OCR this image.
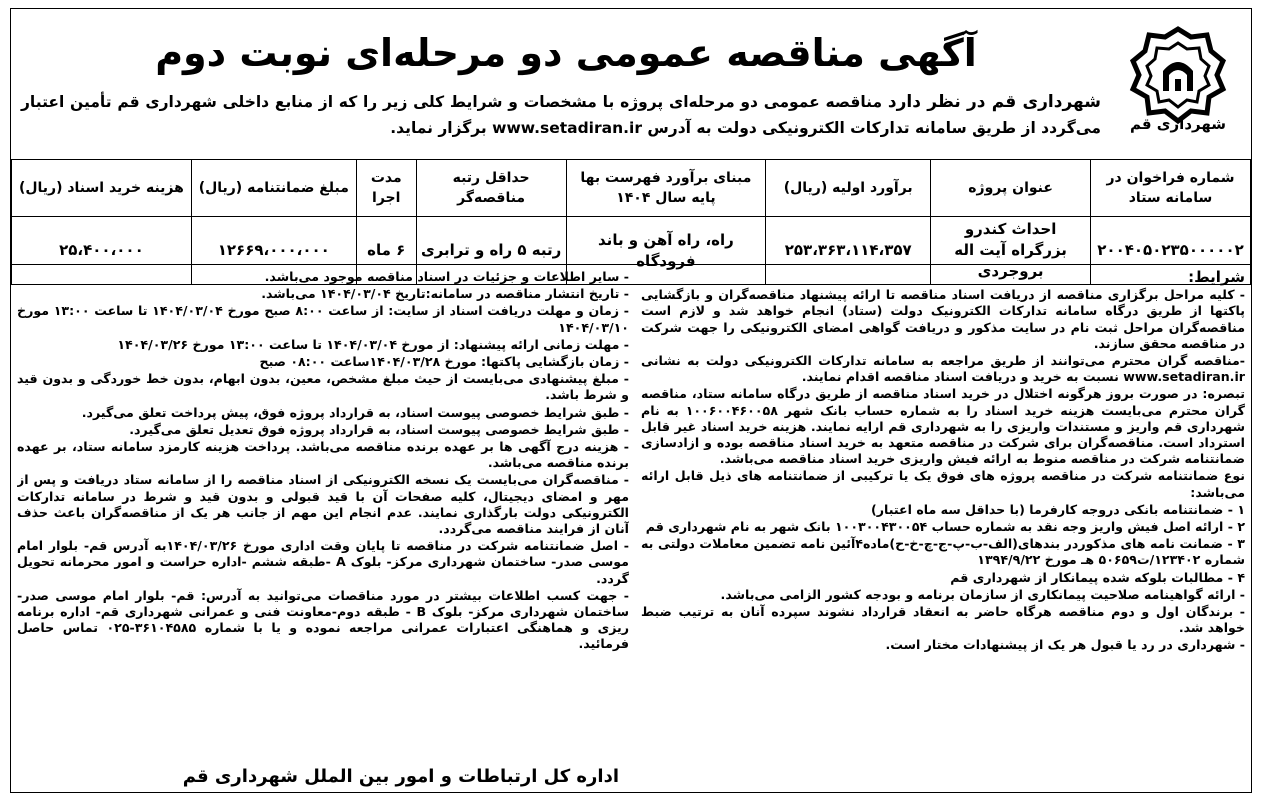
شهرداری قم
آگهی مناقصه عمومی دو مرحله‌ای نوبت دوم

شهرداری قم در نظر دارد مناقصه عمومی دو مرحله‌ای پروژه با مشخصات و شرایط کلی زیر را که از منابع داخلی شهرداری قم تأمین اعتبار می‌گردد از طریق سامانه تدارکات الکترونیکی دولت به آدرس www.setadiran.ir برگزار نماید.

شماره فراخوان در سامانه ستاد	عنوان پروژه	برآورد اولیه (ریال)	مبنای برآورد فهرست بها پایه سال ۱۴۰۴	حداقل رتبه مناقصه‌گر	مدت اجرا	مبلغ ضمانتنامه (ریال)	هزینه خرید اسناد (ریال)
۲۰۰۴۰۵۰۲۳۵۰۰۰۰۰۲	احداث کندرو بزرگراه آیت اله بروجردی	۲۵۳،۳۶۳،۱۱۴،۳۵۷	راه، راه آهن و باند فرودگاه	رتبه ۵ راه و ترابری	۶ ماه	۱۲۶۶۹،۰۰۰،۰۰۰	۲۵،۴۰۰،۰۰۰

شرایط:

- کلیه مراحل برگزاری مناقصه از دریافت اسناد مناقصه تا ارائه پیشنهاد مناقصه‌گران و بازگشایی پاکتها از طریق درگاه سامانه تدارکات الکترونیک دولت (ستاد) انجام خواهد شد و لازم است مناقصه‌گران مراحل ثبت نام در سایت مذکور و دریافت گواهی امضای الکترونیکی را جهت شرکت در مناقصه محقق سازند.

-مناقصه گران محترم می‌توانند از طریق مراجعه به سامانه تدارکات الکترونیکی دولت به نشانی www.setadiran.ir نسبت به خرید و دریافت اسناد مناقصه اقدام نمایند.

تبصره: در صورت بروز هرگونه اختلال در خرید اسناد مناقصه از طریق درگاه سامانه ستاد، مناقصه گران محترم می‌بایست هزینه خرید اسناد را به شماره حساب بانک شهر ۱۰۰۶۰۰۴۶۰۰۵۸ به نام شهرداری قم واریز و مستندات واریزی را به شهرداری قم ارایه نمایند. هزینه خرید اسناد غیر قابل استرداد است. مناقصه‌گران برای شرکت در مناقصه متعهد به خرید اسناد مناقصه بوده و ازادسازی ضمانتنامه شرکت در مناقصه منوط به ارائه فیش واریزی خرید اسناد مناقصه می‌باشد.

نوع ضمانتنامه شرکت در مناقصه پروژه های فوق یک یا ترکیبی از ضمانتنامه های ذیل قابل ارائه می‌باشد:

۱ - ضمانتنامه بانکی دروجه کارفرما (با حداقل سه ماه اعتبار)

۲ - ارائه اصل فیش واریز وجه نقد به شماره حساب ۱۰۰۳۰۰۴۳۰۰۵۴ بانک شهر به نام شهرداری قم

۳ - ضمانت نامه های مذکوردر بندهای(الف-ب-پ-ج-چ-خ-ح)ماده۴آئین نامه تضمین معاملات دولتی به شماره ۱۲۳۴۰۲/ت۵۰۶۵۹ هـ مورخ ۱۳۹۴/۹/۲۲

۴ - مطالبات بلوکه شده پیمانکار از شهرداری قم

- ارائه گواهینامه صلاحیت پیمانکاری از سازمان برنامه و بودجه کشور الزامی می‌باشد.

- برندگان اول و دوم مناقصه هرگاه حاضر به انعقاد قرارداد نشوند سپرده آنان به ترتیب ضبط خواهد شد.

- شهرداری در رد یا قبول هر یک از پیشنهادات مختار است.

- سایر اطلاعات و جزئیات در اسناد مناقصه موجود می‌باشد.

- تاریخ انتشار مناقصه در سامانه:تاریخ ۱۴۰۴/۰۳/۰۴ می‌باشد.

- زمان و مهلت دریافت اسناد از سایت: از ساعت ۸:۰۰ صبح مورخ ۱۴۰۴/۰۳/۰۴ تا ساعت ۱۳:۰۰ مورخ ۱۴۰۴/۰۳/۱۰

- مهلت زمانی ارائه پیشنهاد: از مورخ ۱۴۰۴/۰۳/۰۴ تا ساعت ۱۳:۰۰ مورخ ۱۴۰۴/۰۳/۲۶

- زمان بازگشایی پاکتها: مورخ ۱۴۰۴/۰۳/۲۸ساعت ۰۸:۰۰ صبح

- مبلغ پیشنهادی می‌بایست از حیث مبلغ مشخص، معین، بدون ابهام، بدون خط خوردگی و بدون قید و شرط باشد.

- طبق شرایط خصوصی پیوست اسناد، به قرارداد پروژه فوق، پیش پرداخت تعلق می‌گیرد.

- طبق شرایط خصوصی پیوست اسناد، به قرارداد پروژه فوق تعدیل تعلق می‌گیرد.

- هزینه درج آگهی ها بر عهده برنده مناقصه می‌باشد. پرداخت هزینه کارمزد سامانه ستاد، بر عهده برنده مناقصه می‌باشد.

- مناقصه‌گران می‌بایست یک نسخه الکترونیکی از اسناد مناقصه را از سامانه ستاد دریافت و پس از مهر و امضای دیجیتال، کلیه صفحات آن با قید قبولی و بدون قید و شرط در سامانه تدارکات الکترونیکی دولت بارگذاری نمایند. عدم انجام این مهم از جانب هر یک از مناقصه‌گران باعث حذف آنان از فرایند مناقصه می‌گردد.

- اصل ضمانتنامه شرکت در مناقصه تا پایان وقت اداری مورخ ۱۴۰۴/۰۳/۲۶به آدرس قم- بلوار امام موسی صدر- ساختمان شهرداری مرکز- بلوک A -طبقه ششم -اداره حراست و امور محرمانه تحویل گردد.

- جهت کسب اطلاعات بیشتر در مورد مناقصات می‌توانید به آدرس: قم- بلوار امام موسی صدر- ساختمان شهرداری مرکز- بلوک B - طبقه دوم-معاونت فنی و عمرانی شهرداری قم- اداره برنامه ریزی و هماهنگی اعتبارات عمرانی مراجعه نموده و یا با شماره ۳۶۱۰۴۵۸۵-۰۲۵ تماس حاصل فرمائید.

اداره کل ارتباطات و امور بین الملل شهرداری قم
